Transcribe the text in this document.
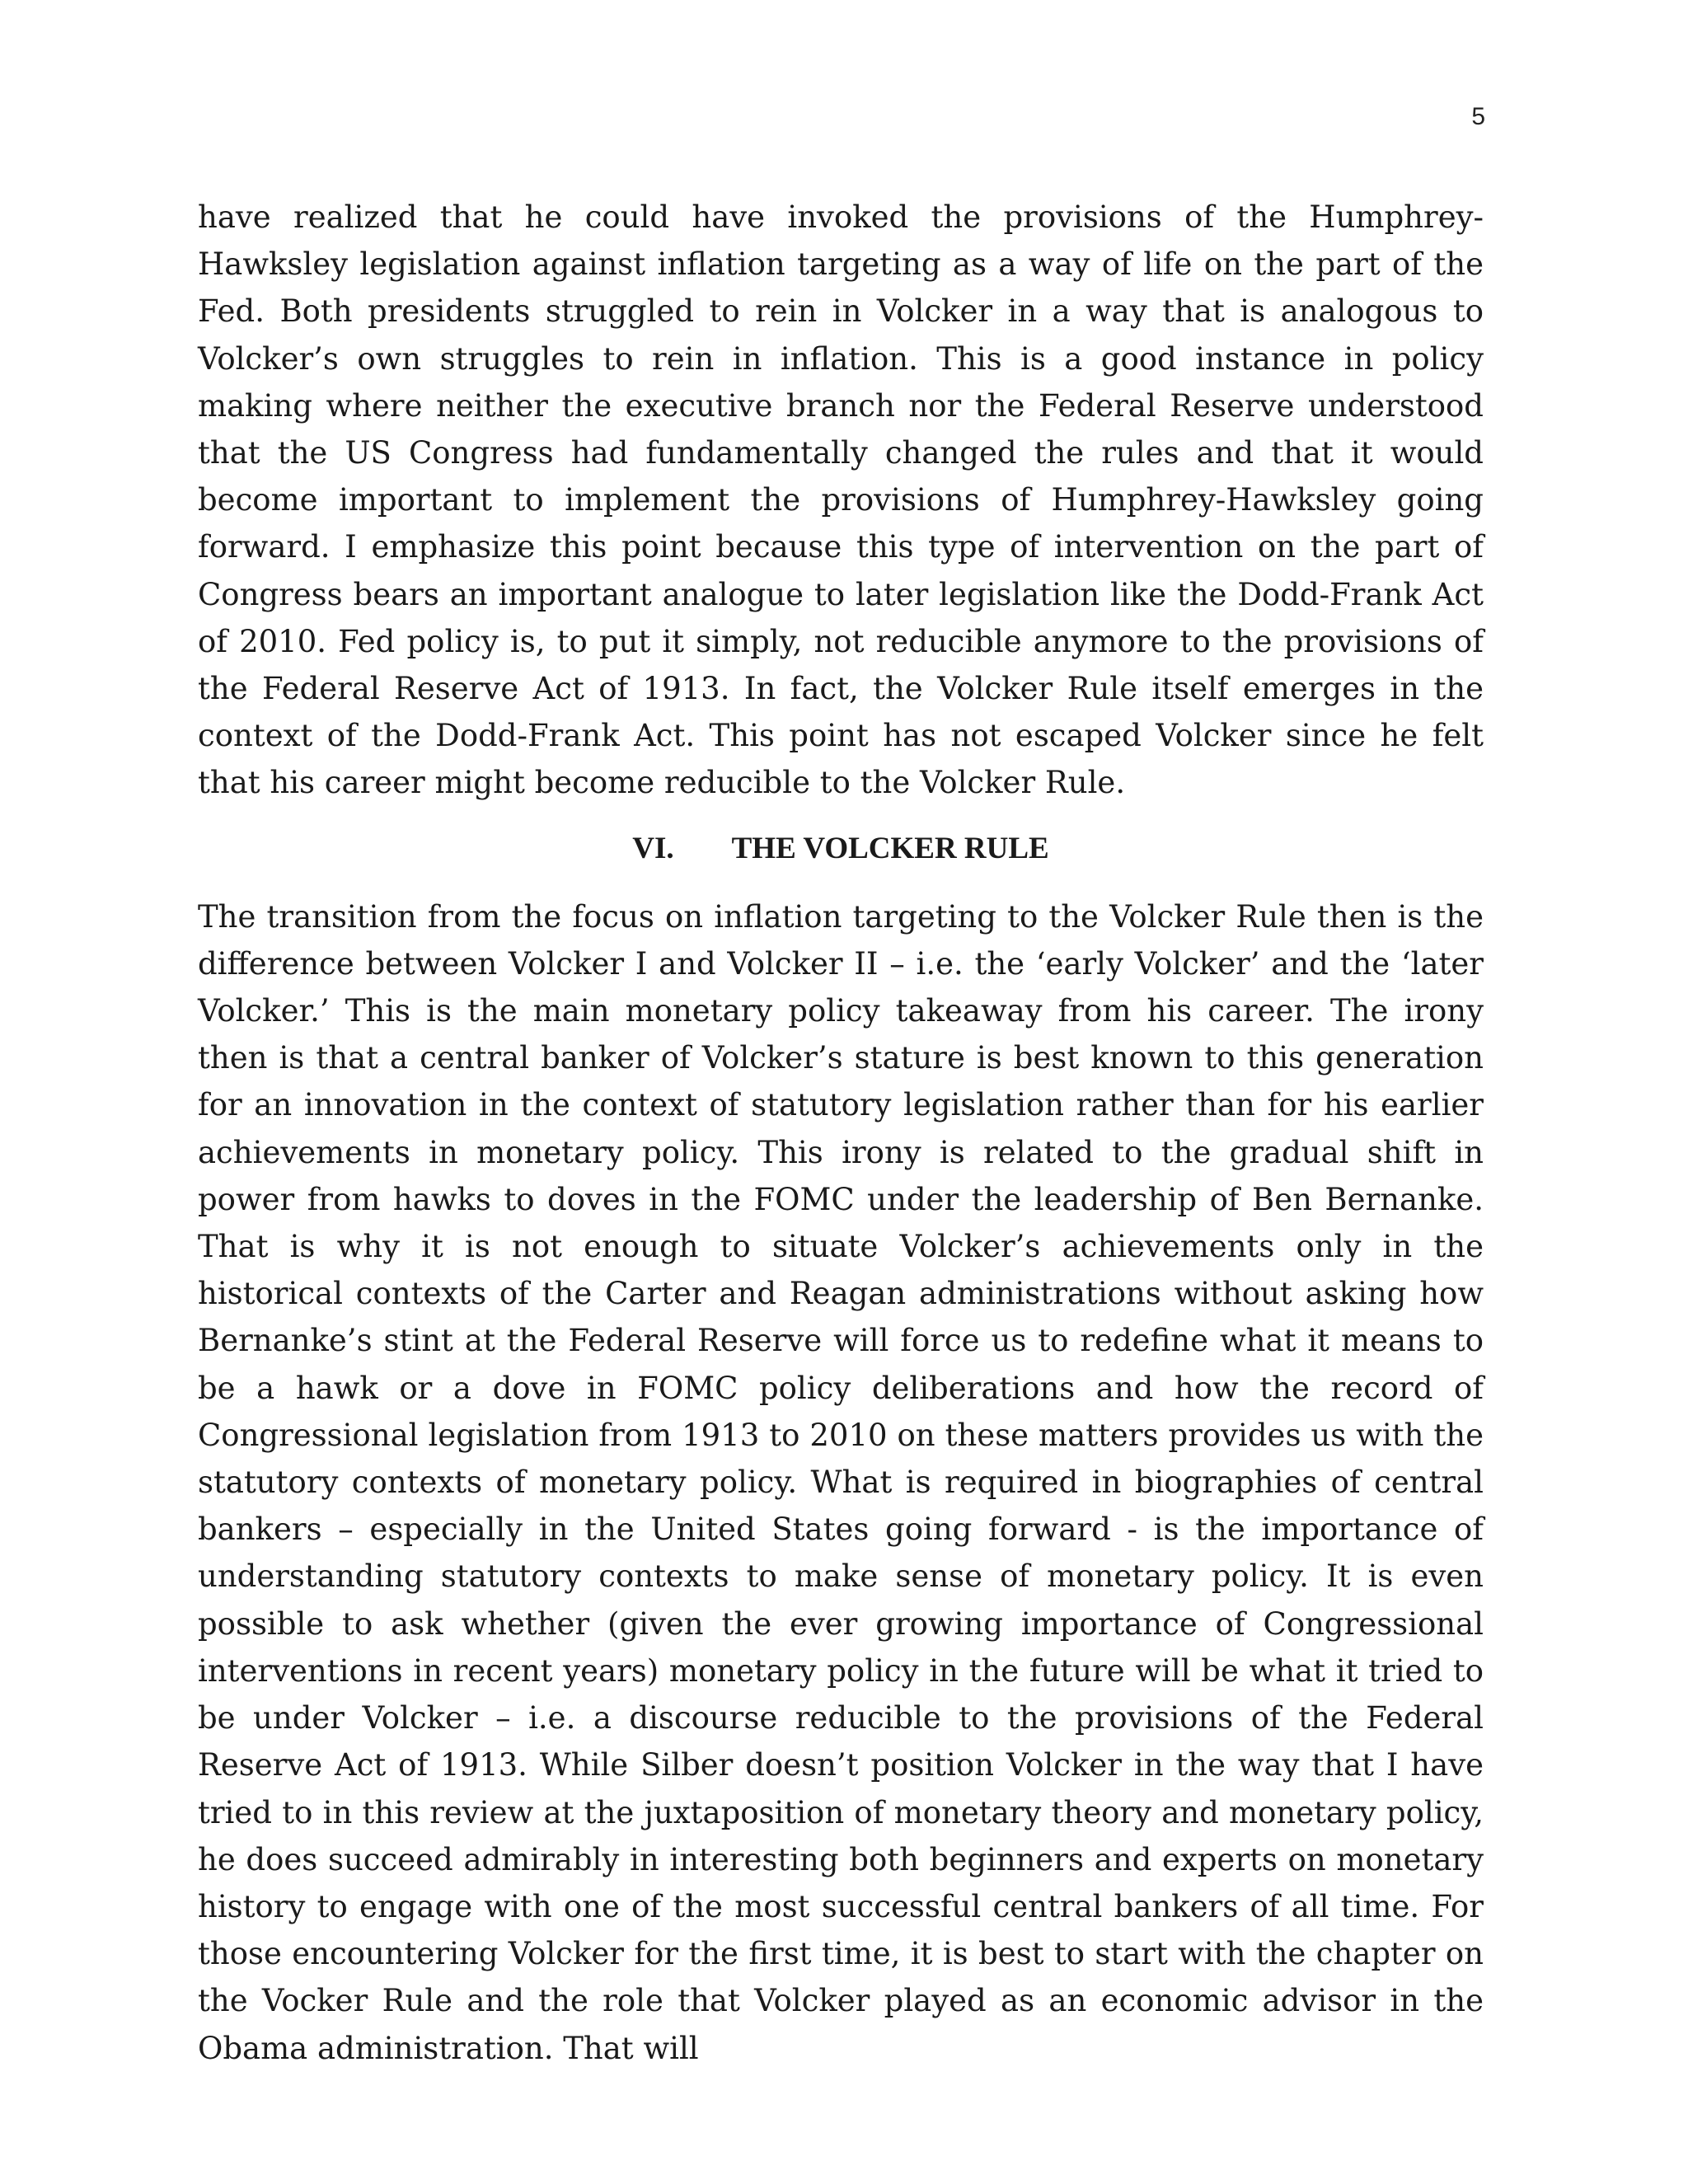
5

have realized that he could have invoked the provisions of the Humphrey-Hawksley legislation against inflation targeting as a way of life on the part of the Fed. Both presidents struggled to rein in Volcker in a way that is analogous to Volcker’s own struggles to rein in inflation. This is a good instance in policy making where neither the executive branch nor the Federal Reserve understood that the US Congress had fundamentally changed the rules and that it would become important to implement the provisions of Humphrey-Hawksley going forward. I emphasize this point because this type of intervention on the part of Congress bears an important analogue to later legislation like the Dodd-Frank Act of 2010. Fed policy is, to put it simply, not reducible anymore to the provisions of the Federal Reserve Act of 1913. In fact, the Volcker Rule itself emerges in the context of the Dodd-Frank Act. This point has not escaped Volcker since he felt that his career might become reducible to the Volcker Rule.

VI. THE VOLCKER RULE

The transition from the focus on inflation targeting to the Volcker Rule then is the difference between Volcker I and Volcker II – i.e. the ‘early Volcker’ and the ‘later Volcker.’ This is the main monetary policy takeaway from his career. The irony then is that a central banker of Volcker’s stature is best known to this generation for an innovation in the context of statutory legislation rather than for his earlier achievements in monetary policy. This irony is related to the gradual shift in power from hawks to doves in the FOMC under the leadership of Ben Bernanke. That is why it is not enough to situate Volcker’s achievements only in the historical contexts of the Carter and Reagan administrations without asking how Bernanke’s stint at the Federal Reserve will force us to redefine what it means to be a hawk or a dove in FOMC policy deliberations and how the record of Congressional legislation from 1913 to 2010 on these matters provides us with the statutory contexts of monetary policy. What is required in biographies of central bankers – especially in the United States going forward - is the importance of understanding statutory contexts to make sense of monetary policy. It is even possible to ask whether (given the ever growing importance of Congressional interventions in recent years) monetary policy in the future will be what it tried to be under Volcker – i.e. a discourse reducible to the provisions of the Federal Reserve Act of 1913. While Silber doesn’t position Volcker in the way that I have tried to in this review at the juxtaposition of monetary theory and monetary policy, he does succeed admirably in interesting both beginners and experts on monetary history to engage with one of the most successful central bankers of all time. For those encountering Volcker for the first time, it is best to start with the chapter on the Vocker Rule and the role that Volcker played as an economic advisor in the Obama administration. That will
